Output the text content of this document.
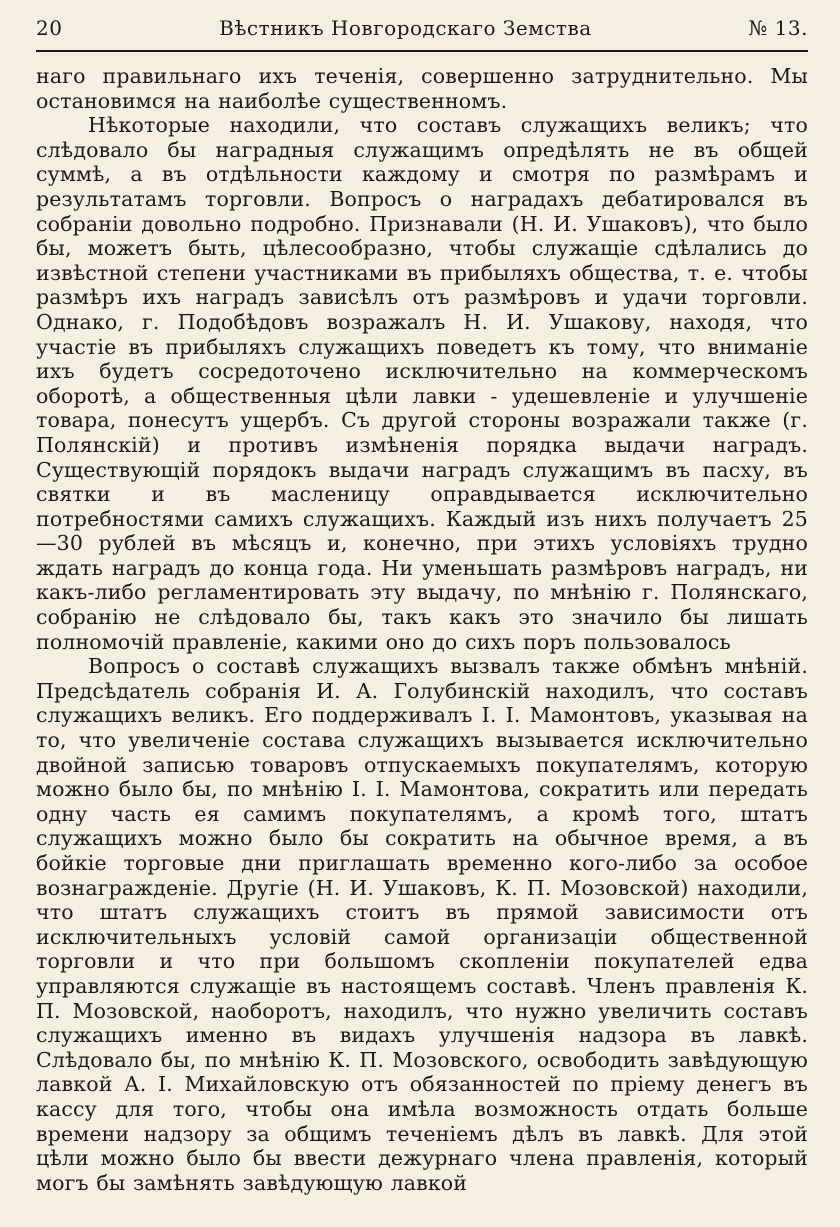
20	Вѣстникъ Новгородскаго Земства	№ 13.

наго правильнаго ихъ теченія, совершенно затруднительно. Мы остановимся на наиболѣе существенномъ.

Нѣкоторые находили, что составъ служащихъ великъ; что слѣдовало бы наградныя служащимъ опредѣлять не въ общей суммѣ, а въ отдѣльности каждому и смотря по размѣрамъ и результатамъ торговли. Вопросъ о наградахъ дебатировался въ собраніи довольно подробно. Признавали (Н. И. Ушаковъ), что было бы, можетъ быть, цѣлесообразно, чтобы служащіе сдѣлались до извѣстной степени участниками въ прибыляхъ общества, т. е. чтобы размѣръ ихъ наградъ зависѣлъ отъ размѣровъ и удачи торговли. Однако, г. Подобѣдовъ возражалъ Н. И. Ушакову, находя, что участіе въ прибыляхъ служащихъ поведетъ къ тому, что вниманіе ихъ будетъ сосредоточено исключительно на коммерческомъ оборотѣ, а общественныя цѣли лавки - удешевленіе и улучшеніе товара, понесутъ ущербъ. Съ другой стороны возражали также (г. Полянскій) и противъ измѣненія порядка выдачи наградъ. Существующій порядокъ выдачи наградъ служащимъ въ пасху, въ святки и въ масленицу оправдывается исключительно потребностями самихъ служащихъ. Каждый изъ нихъ получаетъ 25—30 рублей въ мѣсяцъ и, конечно, при этихъ условіяхъ трудно ждать наградъ до конца года. Ни уменьшать размѣровъ наградъ, ни какъ-либо регламентировать эту выдачу, по мнѣнію г. Полянскаго, собранію не слѣдовало бы, такъ какъ это значило бы лишать полномочій правленіе, какими оно до сихъ поръ пользовалось

Вопросъ о составѣ служащихъ вызвалъ также обмѣнъ мнѣній. Предсѣдатель собранія И. А. Голубинскій находилъ, что составъ служащихъ великъ. Его поддерживалъ І. І. Мамонтовъ, указывая на то, что увеличеніе состава служащихъ вызывается исключительно двойной записью товаровъ отпускаемыхъ покупателямъ, которую можно было бы, по мнѣнію І. І. Мамонтова, сократить или передать одну часть ея самимъ покупателямъ, а кромѣ того, штатъ служащихъ можно было бы сократить на обычное время, а въ бойкіе торговые дни приглашать временно кого-либо за особое вознагражденіе. Другіе (Н. И. Ушаковъ, К. П. Мозовской) находили, что штатъ служащихъ стоитъ въ прямой зависимости отъ исключительныхъ условій самой организаціи общественной торговли и что при большомъ скопленіи покупателей едва управляются служащіе въ настоящемъ составѣ. Членъ правленія К. П. Мозовской, наоборотъ, находилъ, что нужно увеличить составъ служащихъ именно въ видахъ улучшенія надзора въ лавкѣ. Слѣдовало бы, по мнѣнію К. П. Мозовского, освободить завѣдующую лавкой А. І. Михайловскую отъ обязанностей по пріему денегъ въ кассу для того, чтобы она имѣла возможность отдать больше времени надзору за общимъ теченіемъ дѣлъ въ лавкѣ. Для этой цѣли можно было бы ввести дежурнаго члена правленія, который могъ бы замѣнять завѣдующую лавкой
